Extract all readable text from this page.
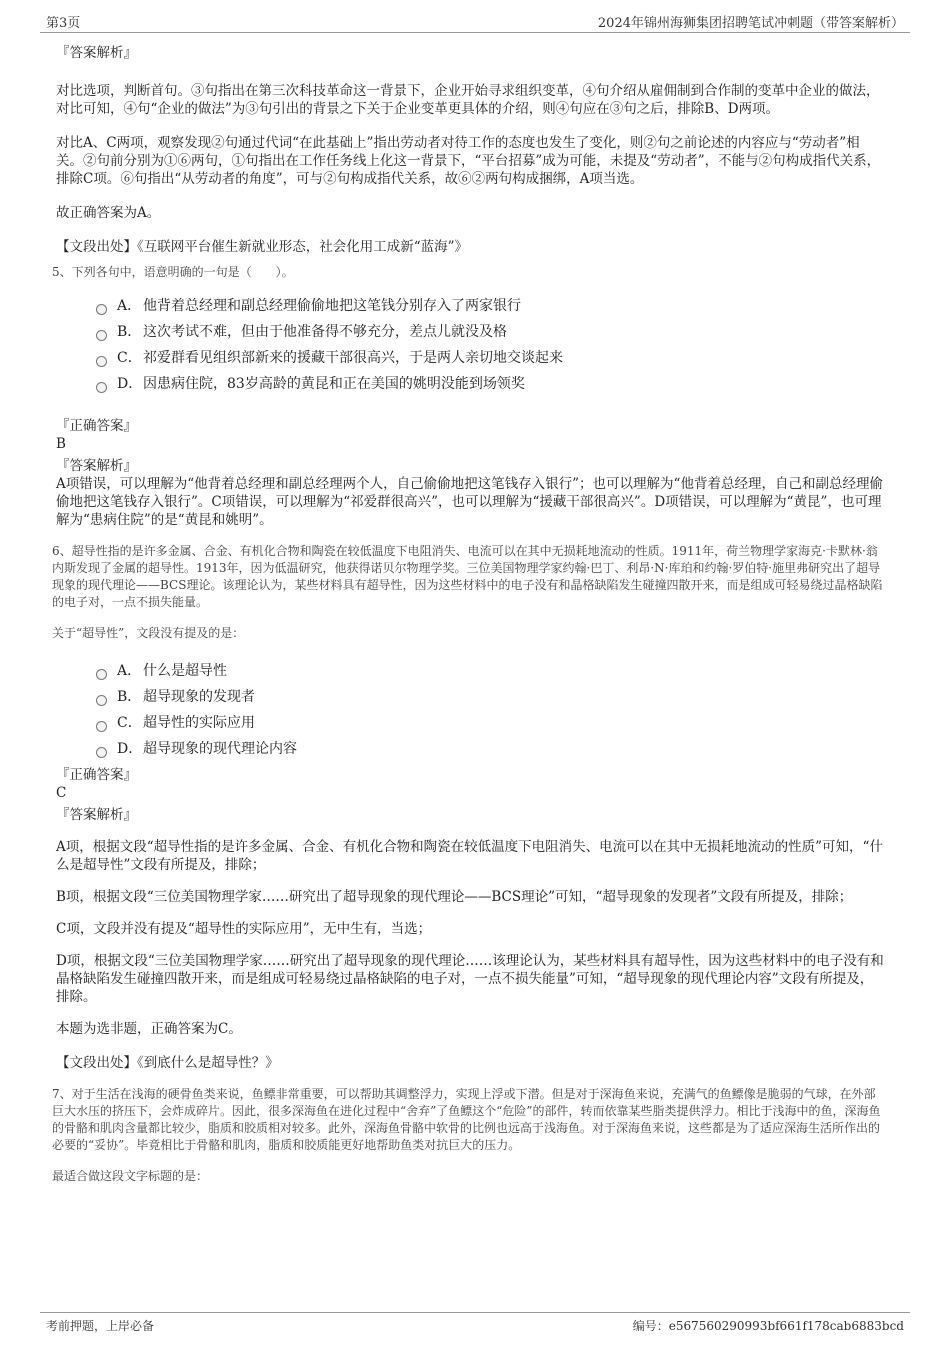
第3页	2024年锦州海狮集团招聘笔试冲刺题（带答案解析）

『答案解析』

对比选项，判断首句。③句指出在第三次科技革命这一背景下，企业开始寻求组织变革，④句介绍从雇佣制到合作制的变革中企业的做法，对比可知，④句“企业的做法”为③句引出的背景之下关于企业变革更具体的介绍，则④句应在③句之后，排除B、D两项。

对比A、C两项，观察发现②句通过代词“在此基础上”指出劳动者对待工作的态度也发生了变化，则②句之前论述的内容应与“劳动者”相关。②句前分别为①⑥两句，①句指出在工作任务线上化这一背景下，“平台招募”成为可能，未提及“劳动者”，不能与②句构成指代关系，排除C项。⑥句指出“从劳动者的角度”，可与②句构成指代关系，故⑥②两句构成捆绑，A项当选。

故正确答案为A。

【文段出处】《互联网平台催生新就业形态，社会化用工成新“蓝海”》

5、下列各句中，语意明确的一句是（　　）。

A． 他背着总经理和副总经理偷偷地把这笔钱分别存入了两家银行
B． 这次考试不难，但由于他准备得不够充分，差点儿就没及格
C． 祁爱群看见组织部新来的援藏干部很高兴，于是两人亲切地交谈起来
D． 因患病住院，83岁高龄的黄昆和正在美国的姚明没能到场领奖

『正确答案』

B

『答案解析』

A项错误，可以理解为“他背着总经理和副总经理两个人，自己偷偷地把这笔钱存入银行”；也可以理解为“他背着总经理，自己和副总经理偷偷地把这笔钱存入银行”。C项错误，可以理解为“祁爱群很高兴”，也可以理解为“援藏干部很高兴”。D项错误，可以理解为“黄昆”，也可理解为“患病住院”的是“黄昆和姚明”。

6、超导性指的是许多金属、合金、有机化合物和陶瓷在较低温度下电阻消失、电流可以在其中无损耗地流动的性质。1911年，荷兰物理学家海克·卡默林·翁内斯发现了金属的超导性。1913年，因为低温研究，他获得诺贝尔物理学奖。三位美国物理学家约翰·巴丁、利昂·N·库珀和约翰·罗伯特·施里弗研究出了超导现象的现代理论——BCS理论。该理论认为，某些材料具有超导性，因为这些材料中的电子没有和晶格缺陷发生碰撞四散开来，而是组成可轻易绕过晶格缺陷的电子对，一点不损失能量。

关于“超导性”，文段没有提及的是：

A． 什么是超导性
B． 超导现象的发现者
C． 超导性的实际应用
D． 超导现象的现代理论内容

『正确答案』

C

『答案解析』

A项，根据文段“超导性指的是许多金属、合金、有机化合物和陶瓷在较低温度下电阻消失、电流可以在其中无损耗地流动的性质”可知，“什么是超导性”文段有所提及，排除；

B项，根据文段“三位美国物理学家……研究出了超导现象的现代理论——BCS理论”可知，“超导现象的发现者”文段有所提及，排除；

C项，文段并没有提及“超导性的实际应用”，无中生有，当选；

D项，根据文段“三位美国物理学家……研究出了超导现象的现代理论……该理论认为，某些材料具有超导性，因为这些材料中的电子没有和晶格缺陷发生碰撞四散开来，而是组成可轻易绕过晶格缺陷的电子对，一点不损失能量”可知，“超导现象的现代理论内容”文段有所提及，排除。

本题为选非题，正确答案为C。

【文段出处】《到底什么是超导性？》

7、对于生活在浅海的硬骨鱼类来说，鱼鳔非常重要，可以帮助其调整浮力，实现上浮或下潜。但是对于深海鱼来说，充满气的鱼鳔像是脆弱的气球，在外部巨大水压的挤压下，会炸成碎片。因此，很多深海鱼在进化过程中“舍弃”了鱼鳔这个“危险”的部件，转而依靠某些脂类提供浮力。相比于浅海中的鱼，深海鱼的骨骼和肌肉含量都比较少，脂质和胶质相对较多。此外，深海鱼骨骼中软骨的比例也远高于浅海鱼。对于深海鱼来说，这些都是为了适应深海生活所作出的必要的“妥协”。毕竟相比于骨骼和肌肉，脂质和胶质能更好地帮助鱼类对抗巨大的压力。

最适合做这段文字标题的是：

考前押题，上岸必备	编号：e567560290993bf661f178cab6883bcd
